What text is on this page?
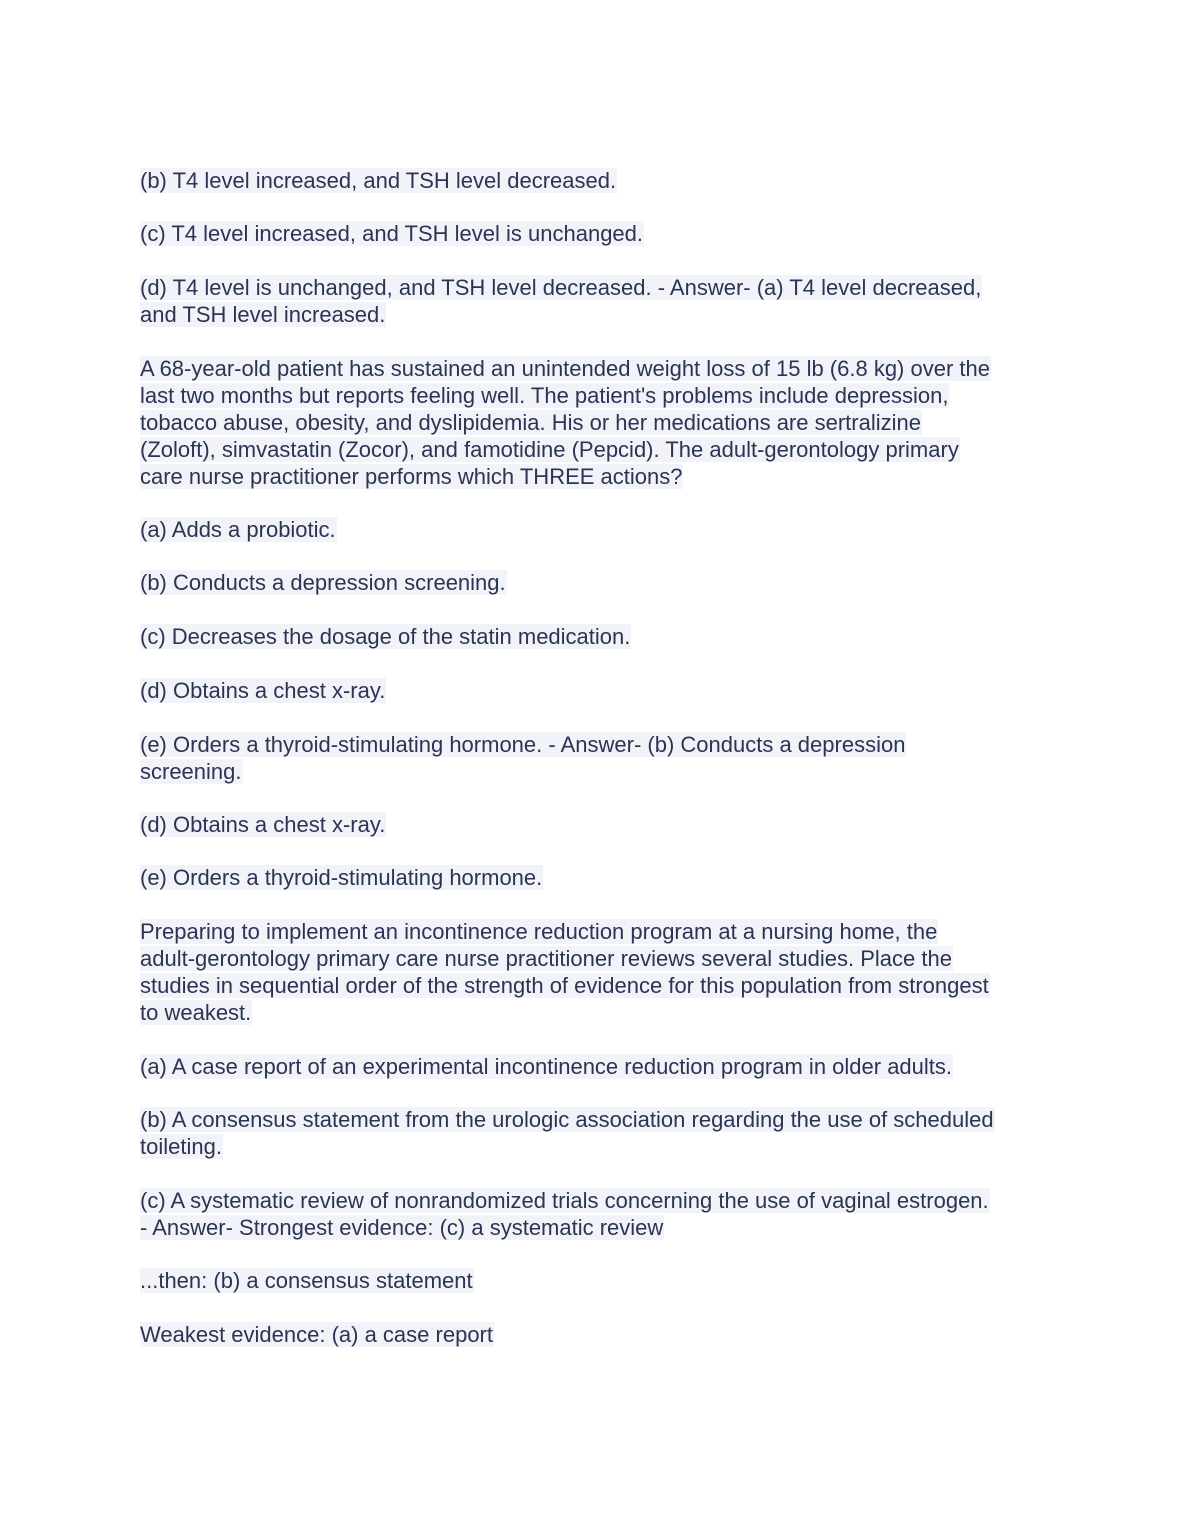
(b) T4 level increased, and TSH level decreased.

(c) T4 level increased, and TSH level is unchanged.

(d) T4 level is unchanged, and TSH level decreased. - Answer- (a) T4 level decreased,
and TSH level increased.

A 68-year-old patient has sustained an unintended weight loss of 15 lb (6.8 kg) over the
last two months but reports feeling well. The patient's problems include depression,
tobacco abuse, obesity, and dyslipidemia. His or her medications are sertralizine
(Zoloft), simvastatin (Zocor), and famotidine (Pepcid). The adult-gerontology primary
care nurse practitioner performs which THREE actions?

(a) Adds a probiotic.

(b) Conducts a depression screening.

(c) Decreases the dosage of the statin medication.

(d) Obtains a chest x-ray.

(e) Orders a thyroid-stimulating hormone. - Answer- (b) Conducts a depression
screening.

(d) Obtains a chest x-ray.

(e) Orders a thyroid-stimulating hormone.

Preparing to implement an incontinence reduction program at a nursing home, the
adult-gerontology primary care nurse practitioner reviews several studies. Place the
studies in sequential order of the strength of evidence for this population from strongest
to weakest.

(a) A case report of an experimental incontinence reduction program in older adults.

(b) A consensus statement from the urologic association regarding the use of scheduled
toileting.

(c) A systematic review of nonrandomized trials concerning the use of vaginal estrogen.
- Answer- Strongest evidence: (c) a systematic review

...then: (b) a consensus statement

Weakest evidence: (a) a case report
